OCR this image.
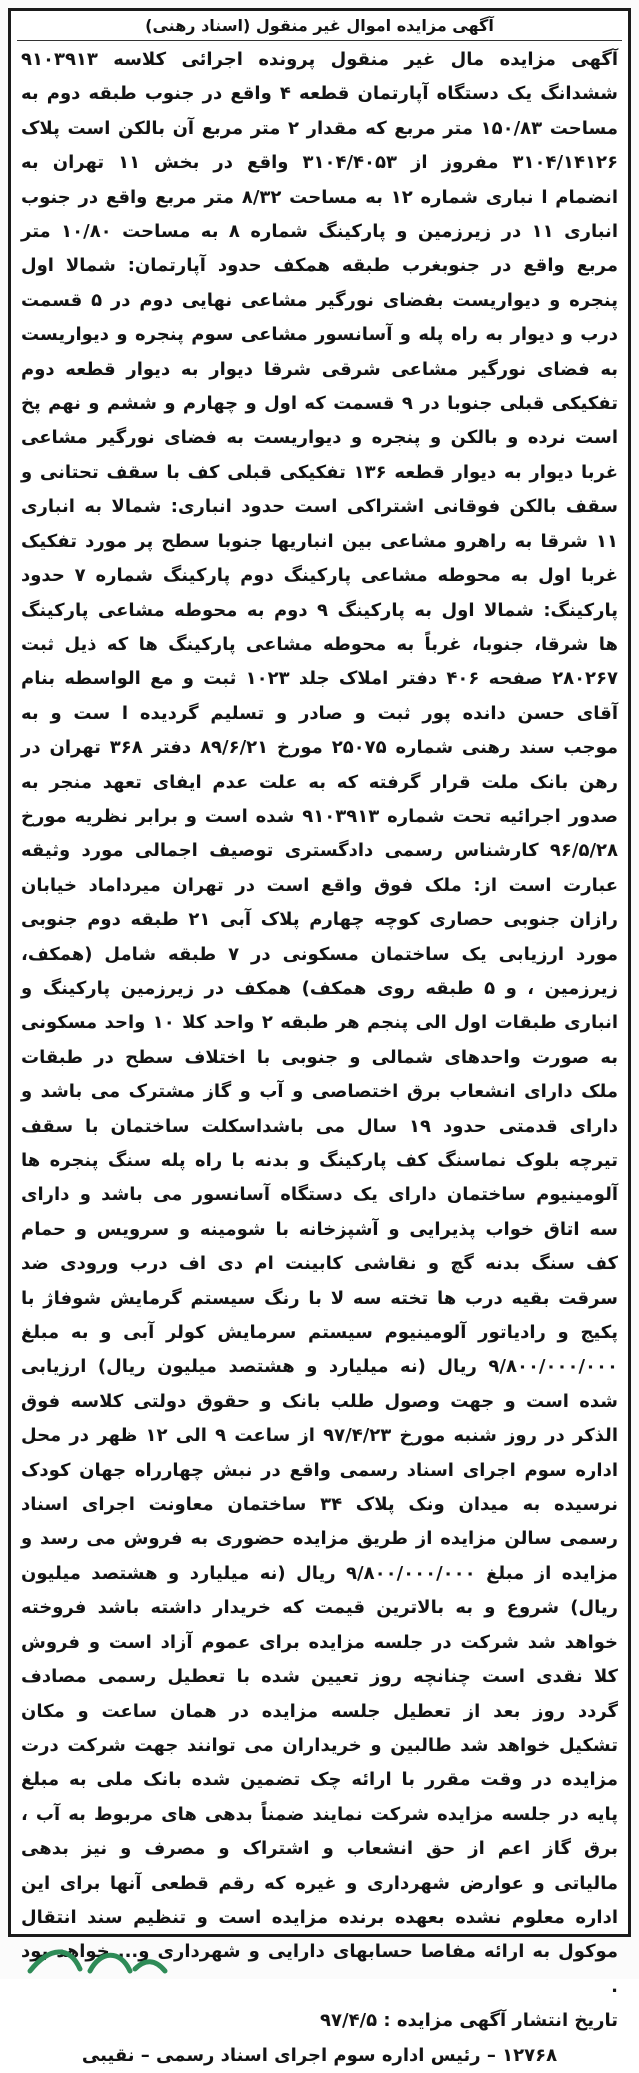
آگهی مزایده اموال غیر منقول (اسناد رهنی)

آگهی مزایده مال غیر منقول پرونده اجرائی کلاسه ۹۱۰۳۹۱۳ ششدانگ یک دستگاه آپارتمان قطعه ۴ واقع در جنوب طبقه دوم به مساحت ۱۵۰/۸۳ متر مربع که مقدار ۲ متر مربع آن بالکن است پلاک ۳۱۰۴/۱۴۱۲۶ مفروز از ۳۱۰۴/۴۰۵۳ واقع در بخش ۱۱ تهران به انضمام ا نباری شماره ۱۲ به مساحت ۸/۳۲ متر مربع واقع در جنوب انباری ۱۱ در زیرزمین و پارکینگ شماره ۸ به مساحت ۱۰/۸۰ متر مربع واقع در جنوبغرب طبقه همکف حدود آپارتمان: شمالا اول پنجره و دیواریست بفضای نورگیر مشاعی نهایی دوم در ۵ قسمت درب و دیوار به راه پله و آسانسور مشاعی سوم پنجره و دیواریست به فضای نورگیر مشاعی شرقی شرقا دیوار به دیوار قطعه دوم تفکیکی قبلی جنوبا در ۹ قسمت که اول و چهارم و ششم و نهم پخ است نرده و بالکن و پنجره و دیواریست به فضای نورگیر مشاعی غربا دیوار به دیوار قطعه ۱۳۶ تفکیکی قبلی کف با سقف تحتانی و سقف بالکن فوقانی اشتراکی است حدود انباری: شمالا به انباری ۱۱ شرقا به راهرو مشاعی بین انباریها جنوبا سطح پر مورد تفکیک غربا اول به محوطه مشاعی پارکینگ دوم پارکینگ شماره ۷ حدود پارکینگ: شمالا اول به پارکینگ ۹ دوم به محوطه مشاعی پارکینگ ها شرقا، جنوبا، غرباً به محوطه مشاعی پارکینگ ها که ذیل ثبت ۲۸۰۲۶۷ صفحه ۴۰۶ دفتر املاک جلد ۱۰۲۳ ثبت و مع الواسطه بنام آقای حسن دانده پور ثبت و صادر و تسلیم گردیده ا ست و به موجب سند رهنی شماره ۲۵۰۷۵ مورخ ۸۹/۶/۲۱ دفتر ۳۶۸ تهران در رهن بانک ملت قرار گرفته که به علت عدم ایفای تعهد منجر به صدور اجرائیه تحت شماره ۹۱۰۳۹۱۳ شده است و برابر نظریه مورخ ۹۶/۵/۲۸ کارشناس رسمی دادگستری توصیف اجمالی مورد وثیقه عبارت است از: ملک فوق واقع است در تهران میرداماد خیابان رازان جنوبی حصاری کوچه چهارم پلاک آبی ۲۱ طبقه دوم جنوبی مورد ارزیابی یک ساختمان مسکونی در ۷ طبقه شامل (همکف، زیرزمین ، و ۵ طبقه روی همکف) همکف در زیرزمین پارکینگ و انباری طبقات اول الی پنجم هر طبقه ۲ واحد کلا ۱۰ واحد مسکونی به صورت واحدهای شمالی و جنوبی با اختلاف سطح در طبقات ملک دارای انشعاب برق اختصاصی و آب و گاز مشترک می باشد و دارای قدمتی حدود ۱۹ سال می باشداسکلت ساختمان با سقف تیرچه بلوک نماسنگ کف پارکینگ و بدنه با راه پله سنگ پنجره ها آلومینیوم ساختمان دارای یک دستگاه آسانسور می باشد و دارای سه اتاق خواب پذیرایی و آشپزخانه با شومینه و سرویس و حمام کف سنگ بدنه گچ و نقاشی کابینت ام دی اف درب ورودی ضد سرقت بقیه درب ها تخته سه لا با رنگ سیستم گرمایش شوفاژ با پکیج و رادیاتور آلومینیوم سیستم سرمایش کولر آبی و به مبلغ ۹/۸۰۰/۰۰۰/۰۰۰ ریال (نه میلیارد و هشتصد میلیون ریال) ارزیابی شده است و جهت وصول طلب بانک و حقوق دولتی کلاسه فوق الذکر در روز شنبه مورخ ۹۷/۴/۲۳ از ساعت ۹ الی ۱۲ ظهر در محل اداره سوم اجرای اسناد رسمی واقع در نبش چهارراه جهان کودک نرسیده به میدان ونک پلاک ۳۴ ساختمان معاونت اجرای اسناد رسمی سالن مزایده از طریق مزایده حضوری به فروش می رسد و مزایده از مبلغ ۹/۸۰۰/۰۰۰/۰۰۰ ریال (نه میلیارد و هشتصد میلیون ریال) شروع و به بالاترین قیمت که خریدار داشته باشد فروخته خواهد شد شرکت در جلسه مزایده برای عموم آزاد است و فروش کلا نقدی است چنانچه روز تعیین شده با تعطیل رسمی مصادف گردد روز بعد از تعطیل جلسه مزایده در همان ساعت و مکان تشکیل خواهد شد طالبین و خریداران می توانند جهت شرکت درت مزایده در وقت مقرر با ارائه چک تضمین شده بانک ملی به مبلغ پایه در جلسه مزایده شرکت نمایند ضمناً بدهی های مربوط به آب ، برق گاز اعم از حق انشعاب و اشتراک و مصرف و نیز بدهی مالیاتی و عوارض شهرداری و غیره که رقم قطعی آنها برای این اداره معلوم نشده بعهده برنده مزایده است و تنظیم سند انتقال موکول به ارائه مفاصا حسابهای دارایی و شهرداری و... خواهد بود .

تاریخ انتشار آگهی مزایده : ۹۷/۴/۵
۱۲۷۶۸ – رئیس اداره سوم اجرای اسناد رسمی – نقیبی
